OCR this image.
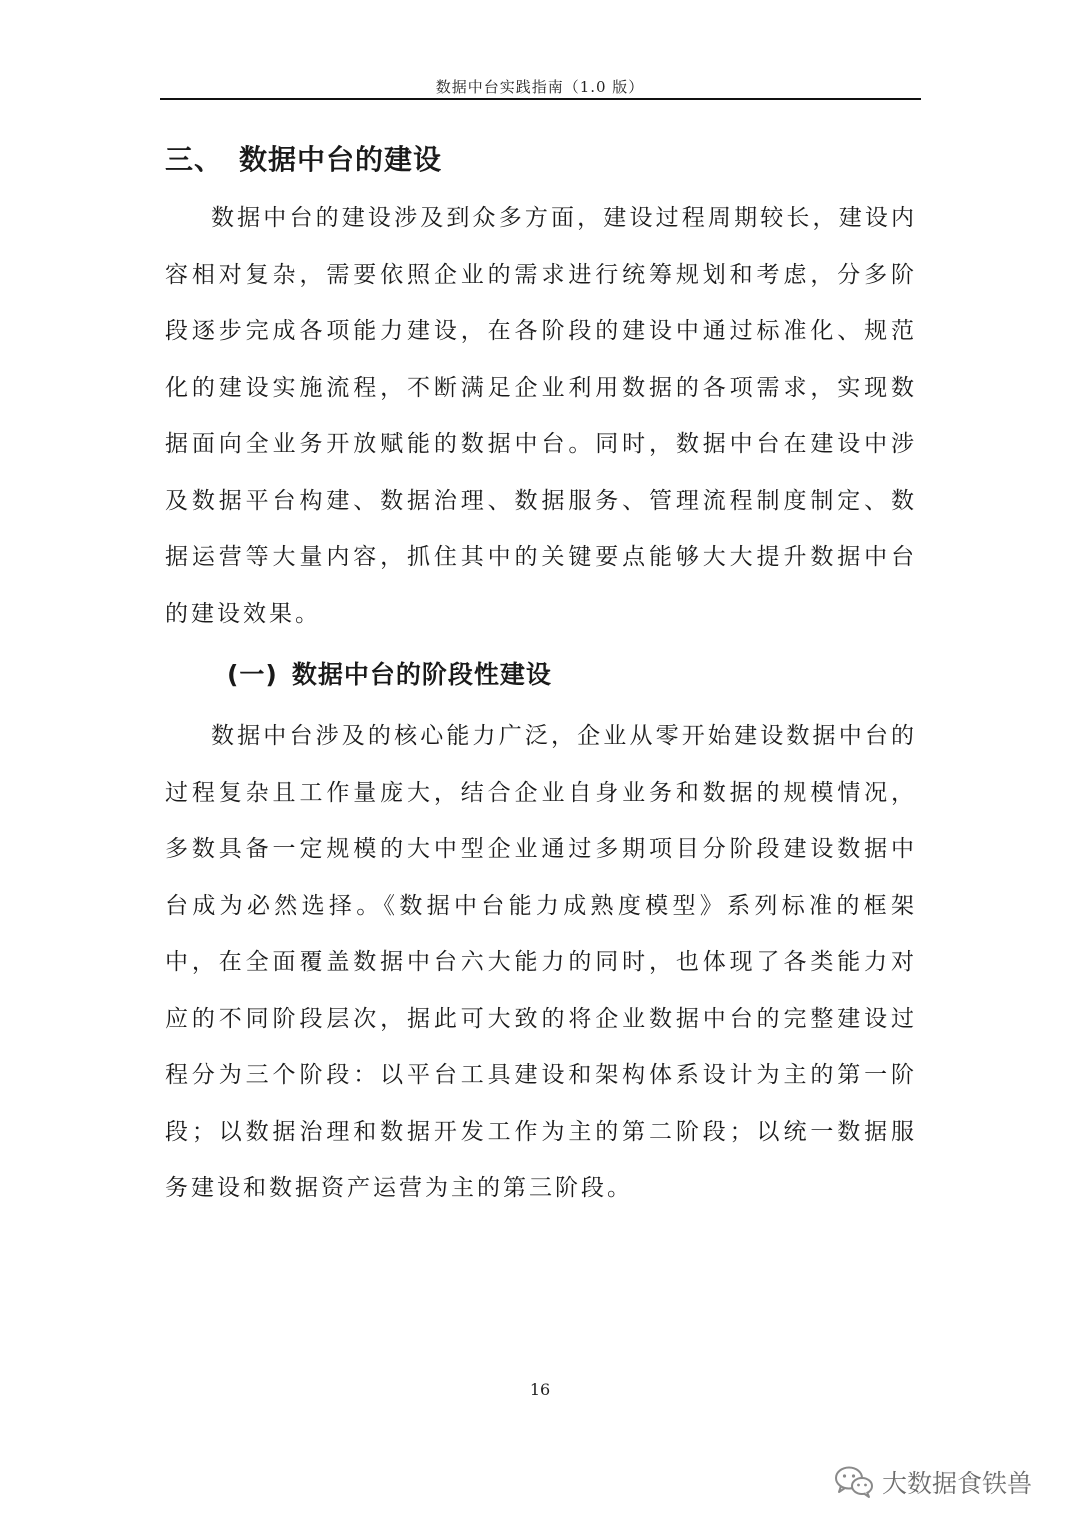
数据中台实践指南（1.0 版）
三、 数据中台的建设

数据中台的建设涉及到众多方面，建设过程周期较长，建设内容相对复杂，需要依照企业的需求进行统筹规划和考虑，分多阶段逐步完成各项能力建设，在各阶段的建设中通过标准化、规范化的建设实施流程，不断满足企业利用数据的各项需求，实现数据面向全业务开放赋能的数据中台。同时，数据中台在建设中涉及数据平台构建、数据治理、数据服务、管理流程制度制定、数据运营等大量内容，抓住其中的关键要点能够大大提升数据中台的建设效果。

(一) 数据中台的阶段性建设

数据中台涉及的核心能力广泛，企业从零开始建设数据中台的过程复杂且工作量庞大，结合企业自身业务和数据的规模情况，多数具备一定规模的大中型企业通过多期项目分阶段建设数据中台成为必然选择。《数据中台能力成熟度模型》系列标准的框架中，在全面覆盖数据中台六大能力的同时，也体现了各类能力对应的不同阶段层次，据此可大致的将企业数据中台的完整建设过程分为三个阶段：以平台工具建设和架构体系设计为主的第一阶段；以数据治理和数据开发工作为主的第二阶段；以统一数据服务建设和数据资产运营为主的第三阶段。

16
大数据食铁兽
